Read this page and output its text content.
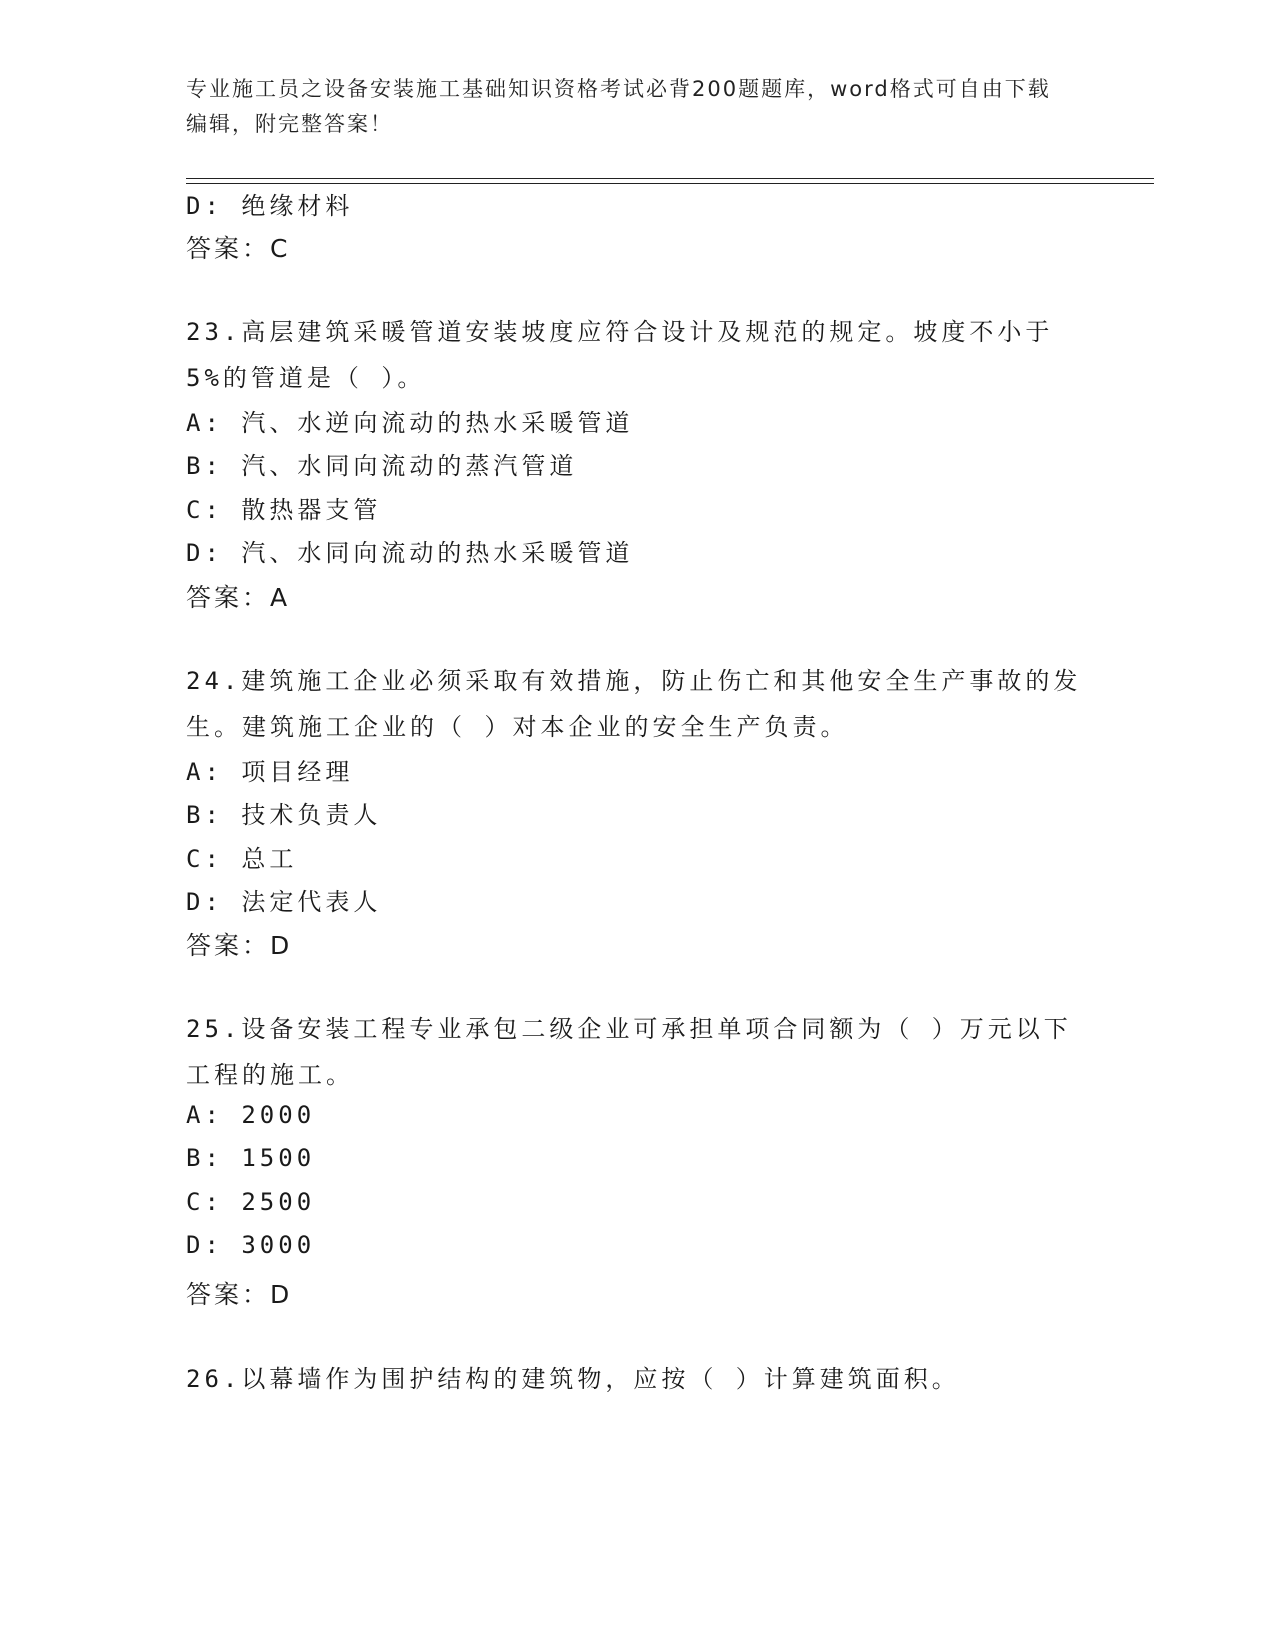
专业施工员之设备安装施工基础知识资格考试必背200题题库，word格式可自由下载编辑，附完整答案！
D: 绝缘材料
答案：C
23.高层建筑采暖管道安装坡度应符合设计及规范的规定。坡度不小于5%的管道是（ ）。
A: 汽、水逆向流动的热水采暖管道
B: 汽、水同向流动的蒸汽管道
C: 散热器支管
D: 汽、水同向流动的热水采暖管道
答案：A
24.建筑施工企业必须采取有效措施，防止伤亡和其他安全生产事故的发生。建筑施工企业的（ ）对本企业的安全生产负责。
A: 项目经理
B: 技术负责人
C: 总工
D: 法定代表人
答案：D
25.设备安装工程专业承包二级企业可承担单项合同额为（ ）万元以下工程的施工。
A: 2000
B: 1500
C: 2500
D: 3000
答案：D
26.以幕墙作为围护结构的建筑物，应按（ ）计算建筑面积。
